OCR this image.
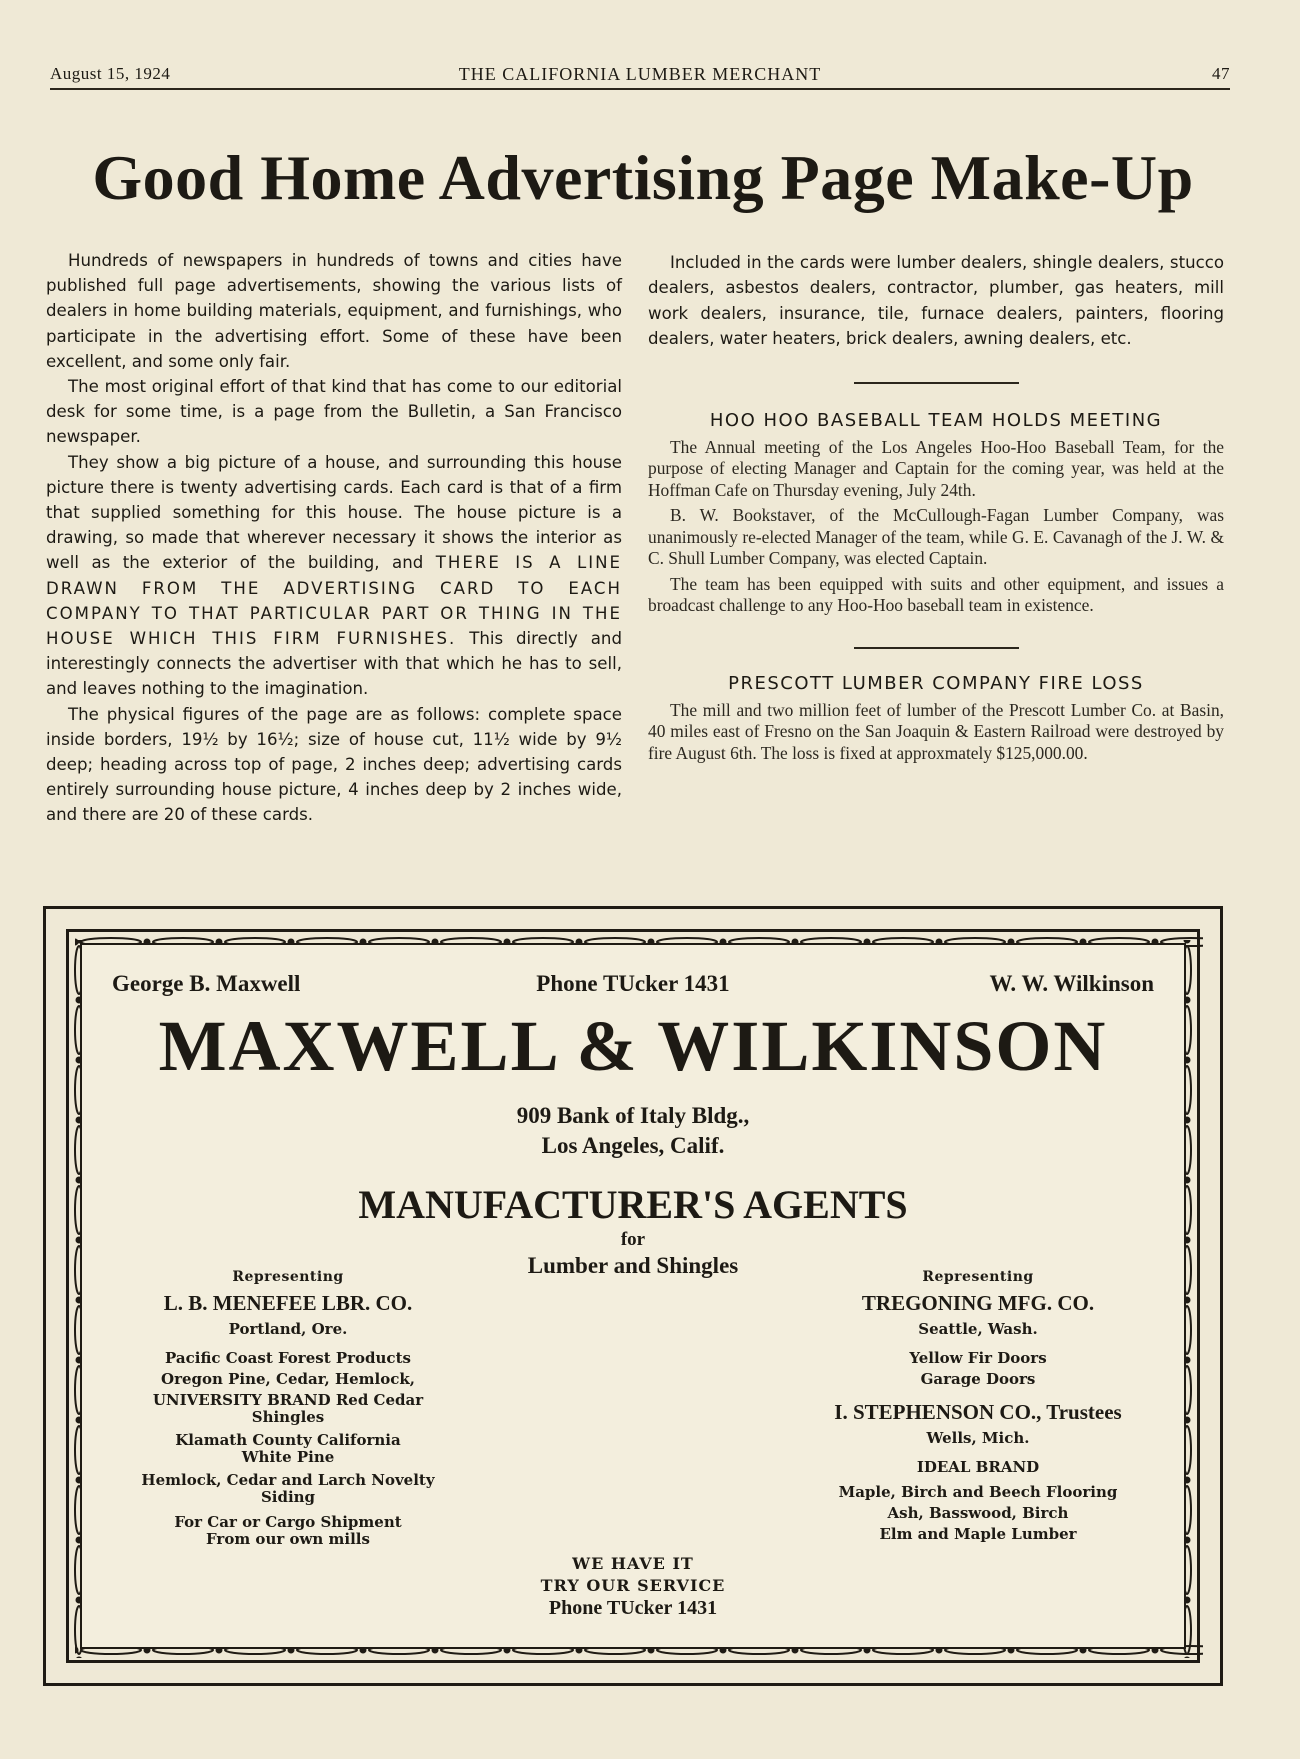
August 15, 1924	THE CALIFORNIA LUMBER MERCHANT	47
Good Home Advertising Page Make-Up

Hundreds of newspapers in hundreds of towns and cities have published full page advertisements, showing the various lists of dealers in home building materials, equipment, and furnishings, who participate in the advertising effort. Some of these have been excellent, and some only fair.

The most original effort of that kind that has come to our editorial desk for some time, is a page from the Bulletin, a San Francisco newspaper.

They show a big picture of a house, and surrounding this house picture there is twenty advertising cards. Each card is that of a firm that supplied something for this house. The house picture is a drawing, so made that wherever necessary it shows the interior as well as the exterior of the building, and THERE IS A LINE DRAWN FROM THE ADVERTISING CARD TO EACH COMPANY TO THAT PARTICULAR PART OR THING IN THE HOUSE WHICH THIS FIRM FURNISHES. This directly and interestingly connects the advertiser with that which he has to sell, and leaves nothing to the imagination.

The physical figures of the page are as follows: complete space inside borders, 19½ by 16½; size of house cut, 11½ wide by 9½ deep; heading across top of page, 2 inches deep; advertising cards entirely surrounding house picture, 4 inches deep by 2 inches wide, and there are 20 of these cards.

Included in the cards were lumber dealers, shingle dealers, stucco dealers, asbestos dealers, contractor, plumber, gas heaters, mill work dealers, insurance, tile, furnace dealers, painters, flooring dealers, water heaters, brick dealers, awning dealers, etc.

HOO HOO BASEBALL TEAM HOLDS MEETING

The Annual meeting of the Los Angeles Hoo-Hoo Baseball Team, for the purpose of electing Manager and Captain for the coming year, was held at the Hoffman Cafe on Thursday evening, July 24th.

B. W. Bookstaver, of the McCullough-Fagan Lumber Company, was unanimously re-elected Manager of the team, while G. E. Cavanagh of the J. W. & C. Shull Lumber Company, was elected Captain.

The team has been equipped with suits and other equipment, and issues a broadcast challenge to any Hoo-Hoo baseball team in existence.

PRESCOTT LUMBER COMPANY FIRE LOSS

The mill and two million feet of lumber of the Prescott Lumber Co. at Basin, 40 miles east of Fresno on the San Joaquin & Eastern Railroad were destroyed by fire August 6th. The loss is fixed at approxmately $125,000.00.

George B. Maxwell	Phone TUcker 1431	W. W. Wilkinson
MAXWELL & WILKINSON
909 Bank of Italy Bldg.,
Los Angeles, Calif.
MANUFACTURER'S AGENTS
for
Lumber and Shingles
Representing
L. B. MENEFEE LBR. CO.
Portland, Ore.
Pacific Coast Forest Products
Oregon Pine, Cedar, Hemlock,
UNIVERSITY BRAND Red Cedar
Shingles
Klamath County California
White Pine
Hemlock, Cedar and Larch Novelty
Siding
For Car or Cargo Shipment
From our own mills
Representing
TREGONING MFG. CO.
Seattle, Wash.
Yellow Fir Doors
Garage Doors
I. STEPHENSON CO., Trustees
Wells, Mich.
IDEAL BRAND
Maple, Birch and Beech Flooring
Ash, Basswood, Birch
Elm and Maple Lumber
WE HAVE IT
TRY OUR SERVICE
Phone TUcker 1431
